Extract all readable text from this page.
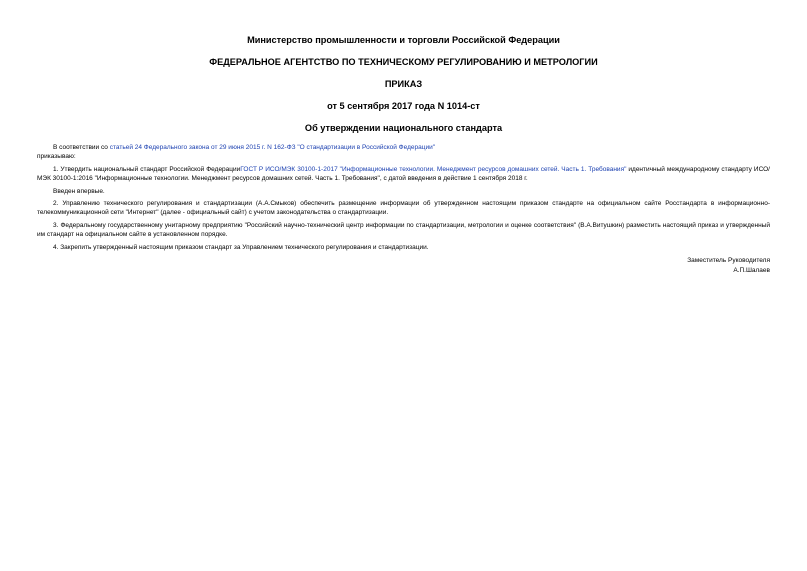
Министерство промышленности и торговли Российской Федерации

ФЕДЕРАЛЬНОЕ АГЕНТСТВО ПО ТЕХНИЧЕСКОМУ РЕГУЛИРОВАНИЮ И МЕТРОЛОГИИ

ПРИКАЗ

от 5 сентября 2017 года N 1014-ст

Об утверждении национального стандарта

В соответствии со статьей 24 Федерального закона от 29 июня 2015 г. N 162-ФЗ "О стандартизации в Российской Федерации"

приказываю:

1. Утвердить национальный стандарт Российской ФедерацииГОСТ Р ИСО/МЭК 30100-1-2017 "Информационные технологии. Менеджмент ресурсов домашних сетей. Часть 1. Требования" идентичный международному стандарту ИСО/МЭК 30100-1:2016 "Информационные технологии. Менеджмент ресурсов домашних сетей. Часть 1. Требования", с датой введения в действие 1 сентября 2018 г.

Введен впервые.

2. Управлению технического регулирования и стандартизации (А.А.Смыков) обеспечить размещение информации об утвержденном настоящим приказом стандарте на официальном сайте Росстандарта в информационно-телекоммуникационной сети "Интернет" (далее - официальный сайт) с учетом законодательства о стандартизации.

3. Федеральному государственному унитарному предприятию "Российский научно-технический центр информации по стандартизации, метрологии и оценке соответствия" (В.А.Витушкин) разместить настоящий приказ и утвержденный им стандарт на официальном сайте в установленном порядке.

4. Закрепить утвержденный настоящим приказом стандарт за Управлением технического регулирования и стандартизации.

Заместитель Руководителя
А.П.Шалаев
